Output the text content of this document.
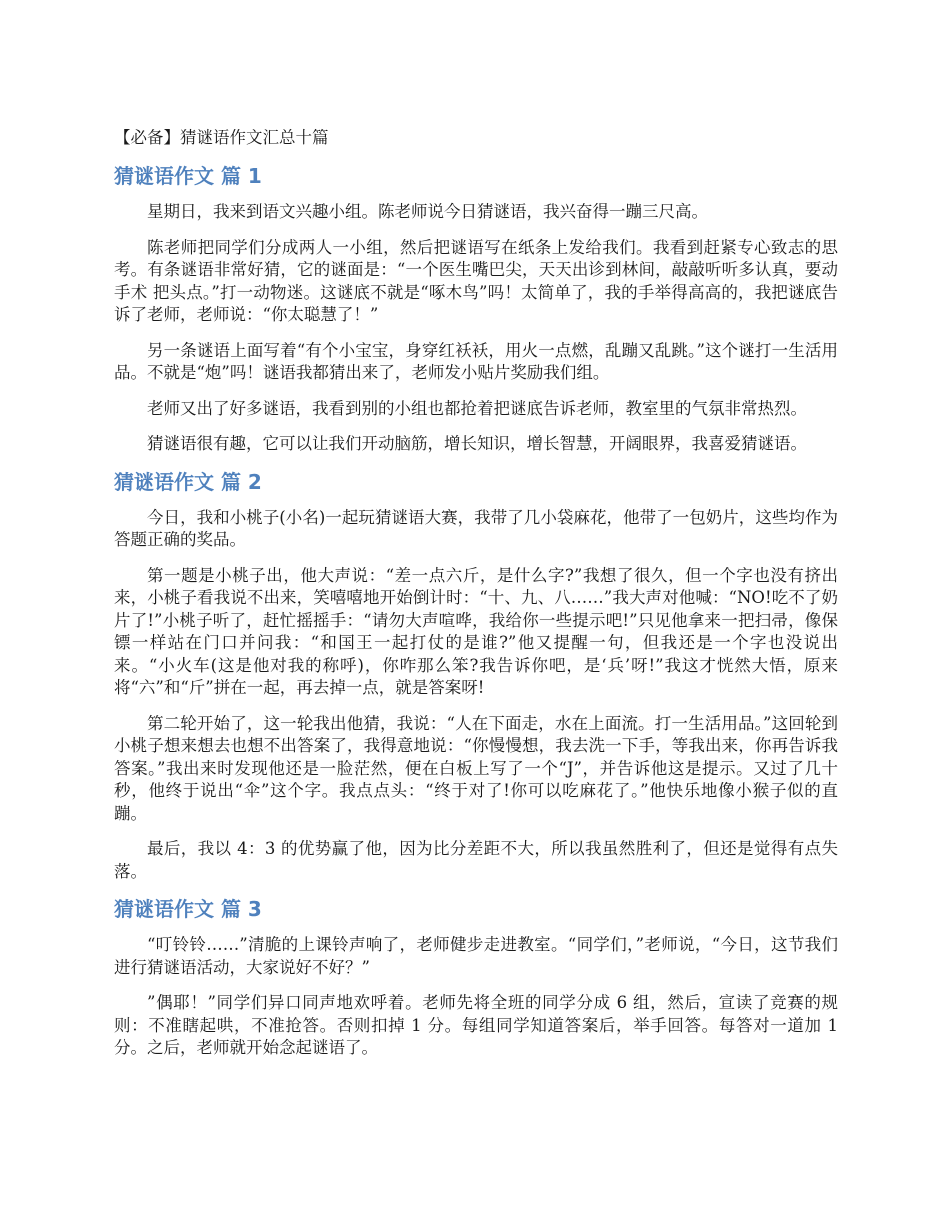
【必备】猜谜语作文汇总十篇
猜谜语作文 篇 1

星期日，我来到语文兴趣小组。陈老师说今日猜谜语，我兴奋得一蹦三尺高。

陈老师把同学们分成两人一小组，然后把谜语写在纸条上发给我们。我看到赶紧专心致志的思考。有条谜语非常好猜，它的谜面是：“一个医生嘴巴尖，天天出诊到林间，敲敲听听多认真，要动手术 把头点。”打一动物迷。这谜底不就是“啄木鸟”吗！太简单了，我的手举得高高的，我把谜底告诉了老师，老师说：“你太聪慧了！”

另一条谜语上面写着“有个小宝宝，身穿红袄袄，用火一点燃，乱蹦又乱跳。”这个谜打一生活用品。不就是“炮”吗！谜语我都猜出来了，老师发小贴片奖励我们组。

老师又出了好多谜语，我看到别的小组也都抢着把谜底告诉老师，教室里的气氛非常热烈。

猜谜语很有趣，它可以让我们开动脑筋，增长知识，增长智慧，开阔眼界，我喜爱猜谜语。

猜谜语作文 篇 2

今日，我和小桃子(小名)一起玩猜谜语大赛，我带了几小袋麻花，他带了一包奶片，这些均作为答题正确的奖品。

第一题是小桃子出，他大声说：“差一点六斤，是什么字?”我想了很久，但一个字也没有挤出来，小桃子看我说不出来，笑嘻嘻地开始倒计时：“十、九、八……”我大声对他喊：“NO!吃不了奶片了!”小桃子听了，赶忙摇摇手：“请勿大声喧哗，我给你一些提示吧!”只见他拿来一把扫帚，像保镖一样站在门口并问我：“和国王一起打仗的是谁?”他又提醒一句，但我还是一个字也没说出来。“小火车(这是他对我的称呼)，你咋那么笨?我告诉你吧，是‘兵’呀!”我这才恍然大悟，原来将“六”和“斤”拼在一起，再去掉一点，就是答案呀!

第二轮开始了，这一轮我出他猜，我说：“人在下面走，水在上面流。打一生活用品。”这回轮到小桃子想来想去也想不出答案了，我得意地说：“你慢慢想，我去洗一下手，等我出来，你再告诉我答案。”我出来时发现他还是一脸茫然，便在白板上写了一个“J”，并告诉他这是提示。又过了几十秒，他终于说出“伞”这个字。我点点头：“终于对了!你可以吃麻花了。”他快乐地像小猴子似的直蹦。

最后，我以 4：3 的优势赢了他，因为比分差距不大，所以我虽然胜利了，但还是觉得有点失落。

猜谜语作文 篇 3

“叮铃铃……”清脆的上课铃声响了，老师健步走进教室。“同学们，”老师说，“今日，这节我们进行猜谜语活动，大家说好不好？”

”偶耶！”同学们异口同声地欢呼着。老师先将全班的同学分成 6 组，然后，宣读了竞赛的规则：不准瞎起哄，不准抢答。否则扣掉 1 分。每组同学知道答案后，举手回答。每答对一道加 1 分。之后，老师就开始念起谜语了。
